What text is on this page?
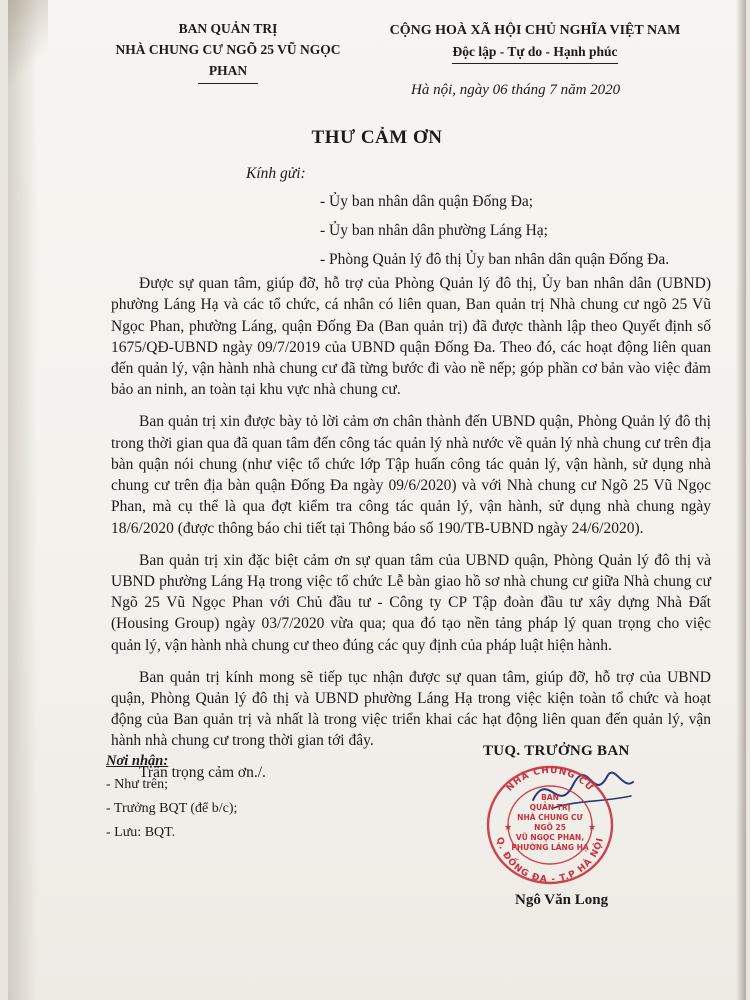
BAN QUẢN TRỊ
NHÀ CHUNG CƯ NGÕ 25 VŨ NGỌC PHAN
CỘNG HOÀ XÃ HỘI CHỦ NGHĨA VIỆT NAM
Độc lập - Tự do - Hạnh phúc
Hà nội, ngày 06 tháng 7 năm 2020
THƯ CẢM ƠN
Kính gửi:
- Ủy ban nhân dân quận Đống Đa;
- Ủy ban nhân dân phường Láng Hạ;
- Phòng Quản lý đô thị Ủy ban nhân dân quận Đống Đa.

Được sự quan tâm, giúp đỡ, hỗ trợ của Phòng Quản lý đô thị, Ủy ban nhân dân (UBND) phường Láng Hạ và các tổ chức, cá nhân có liên quan, Ban quản trị Nhà chung cư ngõ 25 Vũ Ngọc Phan, phường Láng, quận Đống Đa (Ban quản trị) đã được thành lập theo Quyết định số 1675/QĐ-UBND ngày 09/7/2019 của UBND quận Đống Đa. Theo đó, các hoạt động liên quan đến quản lý, vận hành nhà chung cư đã từng bước đi vào nề nếp; góp phần cơ bản vào việc đảm bảo an ninh, an toàn tại khu vực nhà chung cư.

Ban quản trị xin được bày tỏ lời cảm ơn chân thành đến UBND quận, Phòng Quản lý đô thị trong thời gian qua đã quan tâm đến công tác quản lý nhà nước về quản lý nhà chung cư trên địa bàn quận nói chung (như việc tổ chức lớp Tập huấn công tác quản lý, vận hành, sử dụng nhà chung cư trên địa bàn quận Đống Đa ngày 09/6/2020) và với Nhà chung cư Ngõ 25 Vũ Ngọc Phan, mà cụ thể là qua đợt kiểm tra công tác quản lý, vận hành, sử dụng nhà chung ngày 18/6/2020 (được thông báo chi tiết tại Thông báo số 190/TB-UBND ngày 24/6/2020).

Ban quản trị xin đặc biệt cảm ơn sự quan tâm của UBND quận, Phòng Quản lý đô thị và UBND phường Láng Hạ trong việc tổ chức Lễ bàn giao hồ sơ nhà chung cư giữa Nhà chung cư Ngõ 25 Vũ Ngọc Phan với Chủ đầu tư - Công ty CP Tập đoàn đầu tư xây dựng Nhà Đất (Housing Group) ngày 03/7/2020 vừa qua; qua đó tạo nền tảng pháp lý quan trọng cho việc quản lý, vận hành nhà chung cư theo đúng các quy định của pháp luật hiện hành.

Ban quản trị kính mong sẽ tiếp tục nhận được sự quan tâm, giúp đỡ, hỗ trợ của UBND quận, Phòng Quản lý đô thị và UBND phường Láng Hạ trong việc kiện toàn tổ chức và hoạt động của Ban quản trị và nhất là trong việc triển khai các hạt động liên quan đến quản lý, vận hành nhà chung cư trong thời gian tới đây.

Trân trọng cảm ơn./.

Nơi nhận:
- Như trên;
- Trưởng BQT (để b/c);
- Lưu: BQT.
TUQ. TRƯỞNG BAN
NHÀ CHUNG CƯ
Q. ĐỐNG ĐA - T.P HÀ NỘI
★	★
BAN
QUẢN TRỊ
NHÀ CHUNG CƯ
NGÕ 25
VŨ NGỌC PHAN,
PHƯỜNG LÁNG HẠ
Ngô Văn Long
